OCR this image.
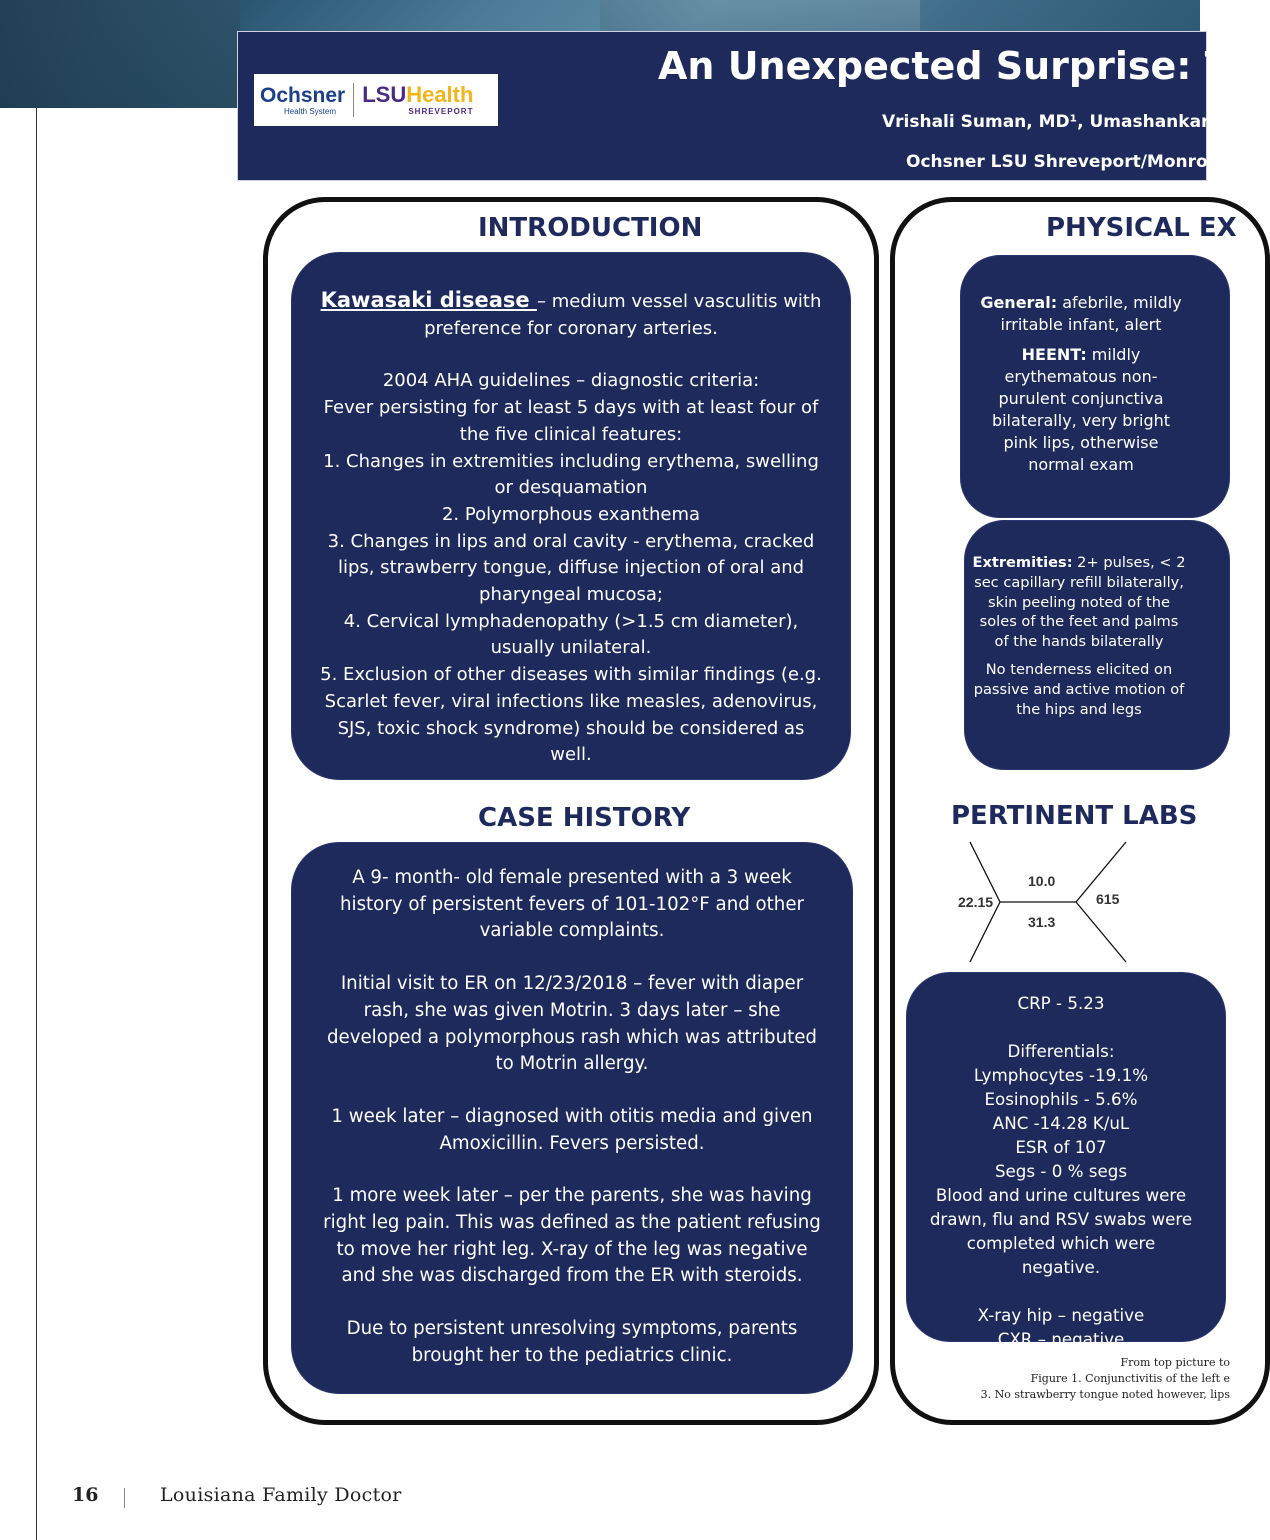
Ochsner
Health System
LSUHealth
SHREVEPORT
An Unexpected Surprise: Th
Vrishali Suman, MD¹, Umashankar
Ochsner LSU Shreveport/Monro
INTRODUCTION

Kawasaki disease – medium vessel vasculitis with preference for coronary arteries.

2004 AHA guidelines – diagnostic criteria:

Fever persisting for at least 5 days with at least four of the five clinical features:

1. Changes in extremities including erythema, swelling or desquamation

2. Polymorphous exanthema

3. Changes in lips and oral cavity - erythema, cracked lips, strawberry tongue, diffuse injection of oral and pharyngeal mucosa;

4. Cervical lymphadenopathy (>1.5 cm diameter), usually unilateral.

5. Exclusion of other diseases with similar findings (e.g. Scarlet fever, viral infections like measles, adenovirus, SJS, toxic shock syndrome) should be considered as well.

CASE HISTORY

A 9- month- old female presented with a 3 week history of persistent fevers of 101-102°F and other variable complaints.

Initial visit to ER on 12/23/2018 – fever with diaper rash, she was given Motrin. 3 days later – she developed a polymorphous rash which was attributed to Motrin allergy.

1 week later – diagnosed with otitis media and given Amoxicillin. Fevers persisted.

1 more week later – per the parents, she was having right leg pain. This was defined as the patient refusing to move her right leg. X-ray of the leg was negative and she was discharged from the ER with steroids.

Due to persistent unresolving symptoms, parents brought her to the pediatrics clinic.

PHYSICAL EX

General: afebrile, mildly irritable infant, alert

HEENT: mildly erythematous non-purulent conjunctiva bilaterally, very bright pink lips, otherwise normal exam

Extremities: 2+ pulses, < 2 sec capillary refill bilaterally, skin peeling noted of the soles of the feet and palms of the hands bilaterally

No tenderness elicited on passive and active motion of the hips and legs

PERTINENT LABS
22.15
10.0
31.3
615

CRP - 5.23

Differentials:

Lymphocytes -19.1% Eosinophils - 5.6%

ANC -14.28 K/uL

ESR of 107

Segs - 0 % segs

Blood and urine cultures were drawn, flu and RSV swabs were completed which were negative.

X-ray hip – negative

CXR – negative

From top picture to
Figure 1. Conjunctivitis of the left e
3. No strawberry tongue noted however, lips
16	Louisiana Family Doctor
